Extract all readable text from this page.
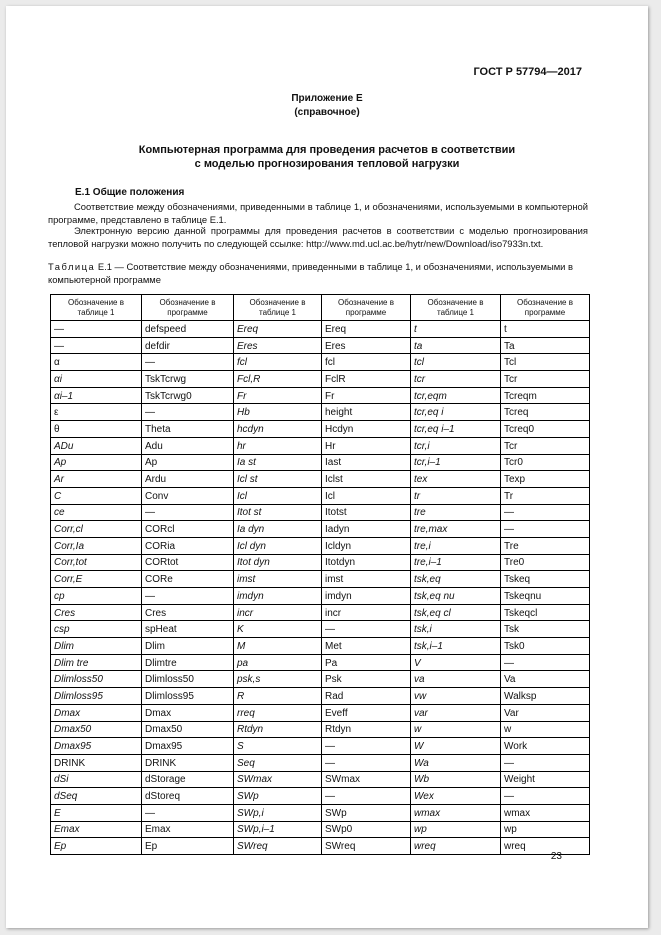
ГОСТ Р 57794—2017

Приложение Е

(справочное)

Компьютерная программа для проведения расчетов в соответствии

с моделью прогнозирования тепловой нагрузки

Е.1 Общие положения

Соответствие между обозначениями, приведенными в таблице 1, и обозначениями, используемыми в компьютерной программе, представлено в таблице Е.1.

Электронную версию данной программы для проведения расчетов в соответствии с моделью прогнозирования тепловой нагрузки можно получить по следующей ссылке: http://www.md.ucl.ac.be/hytr/new/Download/iso7933n.txt.

Таблица Е.1 — Соответствие между обозначениями, приведенными в таблице 1, и обозначениями, используемыми в компьютерной программе

Обозначение в таблице 1	Обозначение в программе	Обозначение в таблице 1	Обозначение в программе	Обозначение в таблице 1	Обозначение в программе
—	defspeed	Ereq	Ereq	t	t
—	defdir	Eres	Eres	ta	Ta
α	—	fcl	fcl	tcl	Tcl
αi	TskTcrwg	Fcl,R	FclR	tcr	Tcr
αi–1	TskTcrwg0	Fr	Fr	tcr,eqm	Tcreqm
ε	—	Hb	height	tcr,eq i	Tcreq
θ	Theta	hcdyn	Hcdyn	tcr,eq i–1	Tcreq0
ADu	Adu	hr	Hr	tcr,i	Tcr
Ap	Ap	Ia st	Iast	tcr,i–1	Tcr0
Ar	Ardu	Icl st	Iclst	tex	Texp
C	Conv	Icl	Icl	tr	Tr
ce	—	Itot st	Itotst	tre	—
Corr,cl	CORcl	Ia dyn	Iadyn	tre,max	—
Corr,Ia	CORia	Icl dyn	Icldyn	tre,i	Tre
Corr,tot	CORtot	Itot dyn	Itotdyn	tre,i–1	Tre0
Corr,E	CORe	imst	imst	tsk,eq	Tskeq
cp	—	imdyn	imdyn	tsk,eq nu	Tskeqnu
Cres	Cres	incr	incr	tsk,eq cl	Tskeqcl
csp	spHeat	K	—	tsk,i	Tsk
Dlim	Dlim	M	Met	tsk,i–1	Tsk0
Dlim tre	Dlimtre	pa	Pa	V	—
Dlimloss50	Dlimloss50	psk,s	Psk	va	Va
Dlimloss95	Dlimloss95	R	Rad	vw	Walksp
Dmax	Dmax	rreq	Eveff	var	Var
Dmax50	Dmax50	Rtdyn	Rtdyn	w	w
Dmax95	Dmax95	S	—	W	Work
DRINK	DRINK	Seq	—	Wa	—
dSi	dStorage	SWmax	SWmax	Wb	Weight
dSeq	dStoreq	SWp	—	Wex	—
E	—	SWp,i	SWp	wmax	wmax
Emax	Emax	SWp,i–1	SWp0	wp	wp
Ep	Ep	SWreq	SWreq	wreq	wreq

23
